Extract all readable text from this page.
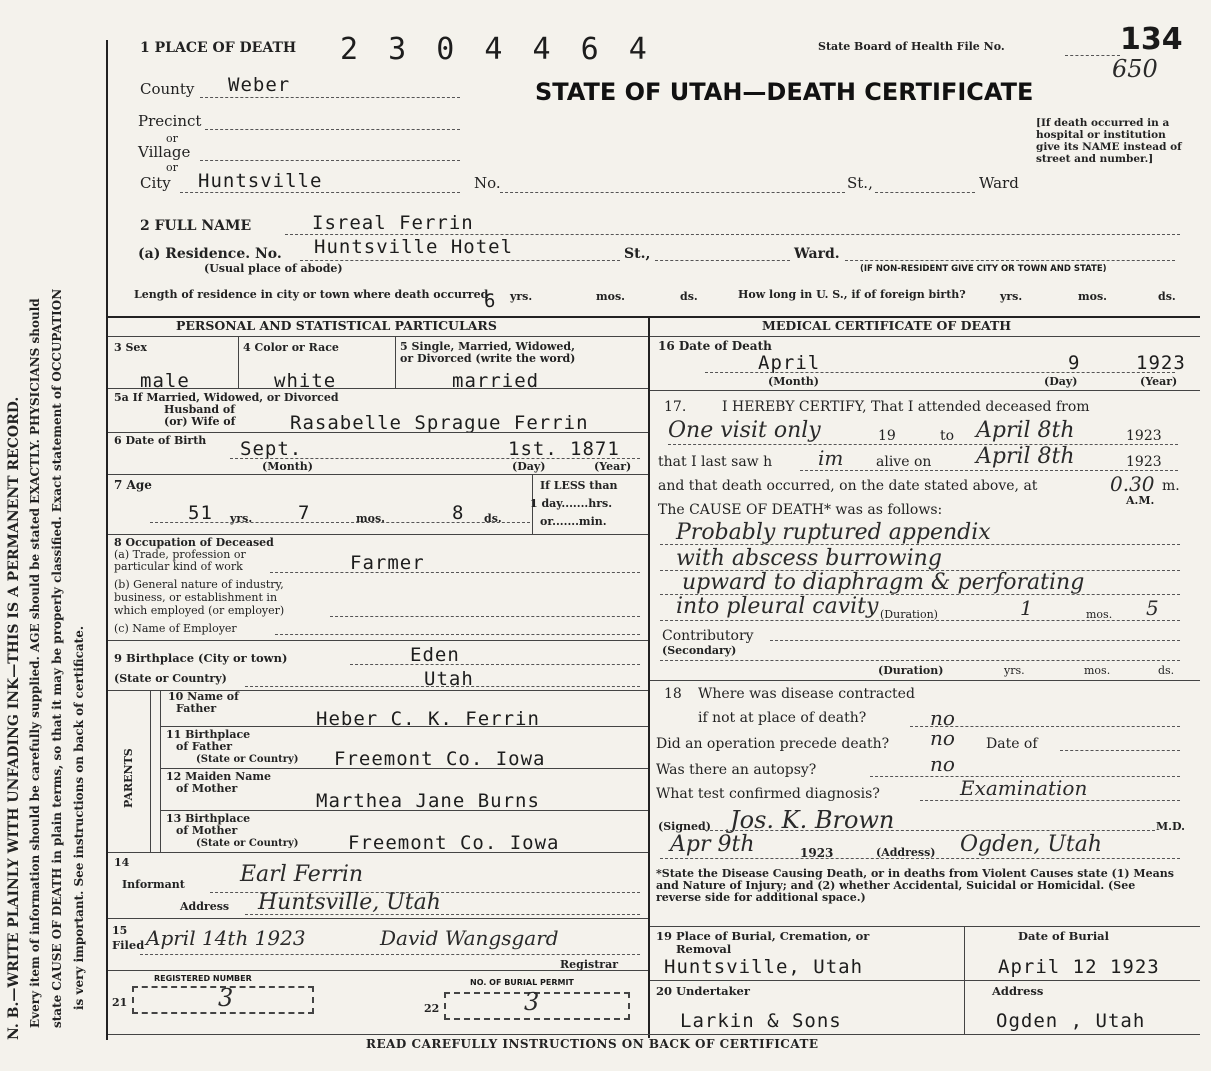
N. B.—WRITE PLAINLY WITH UNFADING INK—THIS IS A PERMANENT RECORD. Every item of information should be carefully supplied. AGE should be stated EXACTLY. PHYSICIANS should state CAUSE OF DEATH in plain terms, so that it may be properly classified. Exact statement of OCCUPATION is very important. See instructions on back of certificate.
1 PLACE OF DEATH 2 3 0 4 4 6 4	State Board of Health File No.	134
650
STATE OF UTAH—DEATH CERTIFICATE
[If death occurred in a hospital or institution give its NAME instead of street and number.]
County Weber
Precinct
or
Village
or
City Huntsville	No.	St.,	Ward
2 FULL NAME	Isreal Ferrin
(a) Residence. No. Huntsville Hotel	St.,	Ward.
(Usual place of abode)	(IF NON-RESIDENT GIVE CITY OR TOWN AND STATE)
Length of residence in city or town where death occurred
6 yrs.	mos.	ds.	How long in U. S., if of foreign birth?	yrs.	mos.	ds.
PERSONAL AND STATISTICAL PARTICULARS
3 Sex
male
4 Color or Race
white
5 Single, Married, Widowed,
or Divorced (write the word)
married
5a If Married, Widowed, or Divorced
Husband of
(or) Wife of	Rasabelle Sprague Ferrin
6 Date of Birth Sept.	1st. 1871
(Month)	(Day)	(Year)
7 Age
51 yrs. 7	mos.	8 ds.
If LESS than
1 day.......hrs.
or.......min.
8 Occupation of Deceased
(a) Trade, profession or
particular kind of work	Farmer
(b) General nature of industry,
business, or establishment in
which employed (or employer)
(c) Name of Employer
9 Birthplace (City or town)	Eden
(State or Country)	Utah
PARENTS
10 Name of
Father	Heber C. K. Ferrin
11 Birthplace
of Father
(State or Country) Freemont Co. Iowa
12 Maiden Name
of Mother
Marthea Jane Burns
13 Birthplace
of Mother
(State or Country)	Freemont Co. Iowa
14
Informant	Earl Ferrin
Address Huntsville, Utah
15
Filed April 14th 1923	David Wangsgard
Registrar
REGISTERED NUMBER
21	3
NO. OF BURIAL PERMIT
22	3
MEDICAL CERTIFICATE OF DEATH
16 Date of Death
April	9	1923
(Month)	(Day)	(Year)
17.	I HEREBY CERTIFY, That I attended deceased from
One visit only	19	to April 8th	1923
that I last saw h im alive on April 8th	1923
and that death occurred, on the date stated above, at	0.30 m.
A.M.
The CAUSE OF DEATH* was as follows:
Probably ruptured appendix
with abscess burrowing
upward to diaphragm & perforating
into pleural cavity (Duration)	1	mos. 5
Contributory
(Secondary)
(Duration)	yrs.	mos.	ds.
18 Where was disease contracted
if not at place of death?	no
Did an operation precede death? no Date of
Was there an autopsy?	no
What test confirmed diagnosis?	Examination
(Signed) Jos. K. Brown	M.D.
Apr 9th	1923	(Address) Ogden, Utah
*State the Disease Causing Death, or in deaths from Violent Causes state (1) Means and Nature of Injury; and (2) whether Accidental, Suicidal or Homicidal. (See reverse side for additional space.)
19 Place of Burial, Cremation, or
Removal
Huntsville, Utah
Date of Burial
April 12 1923
20 Undertaker
Larkin & Sons
Address
Ogden , Utah
READ CAREFULLY INSTRUCTIONS ON BACK OF CERTIFICATE
